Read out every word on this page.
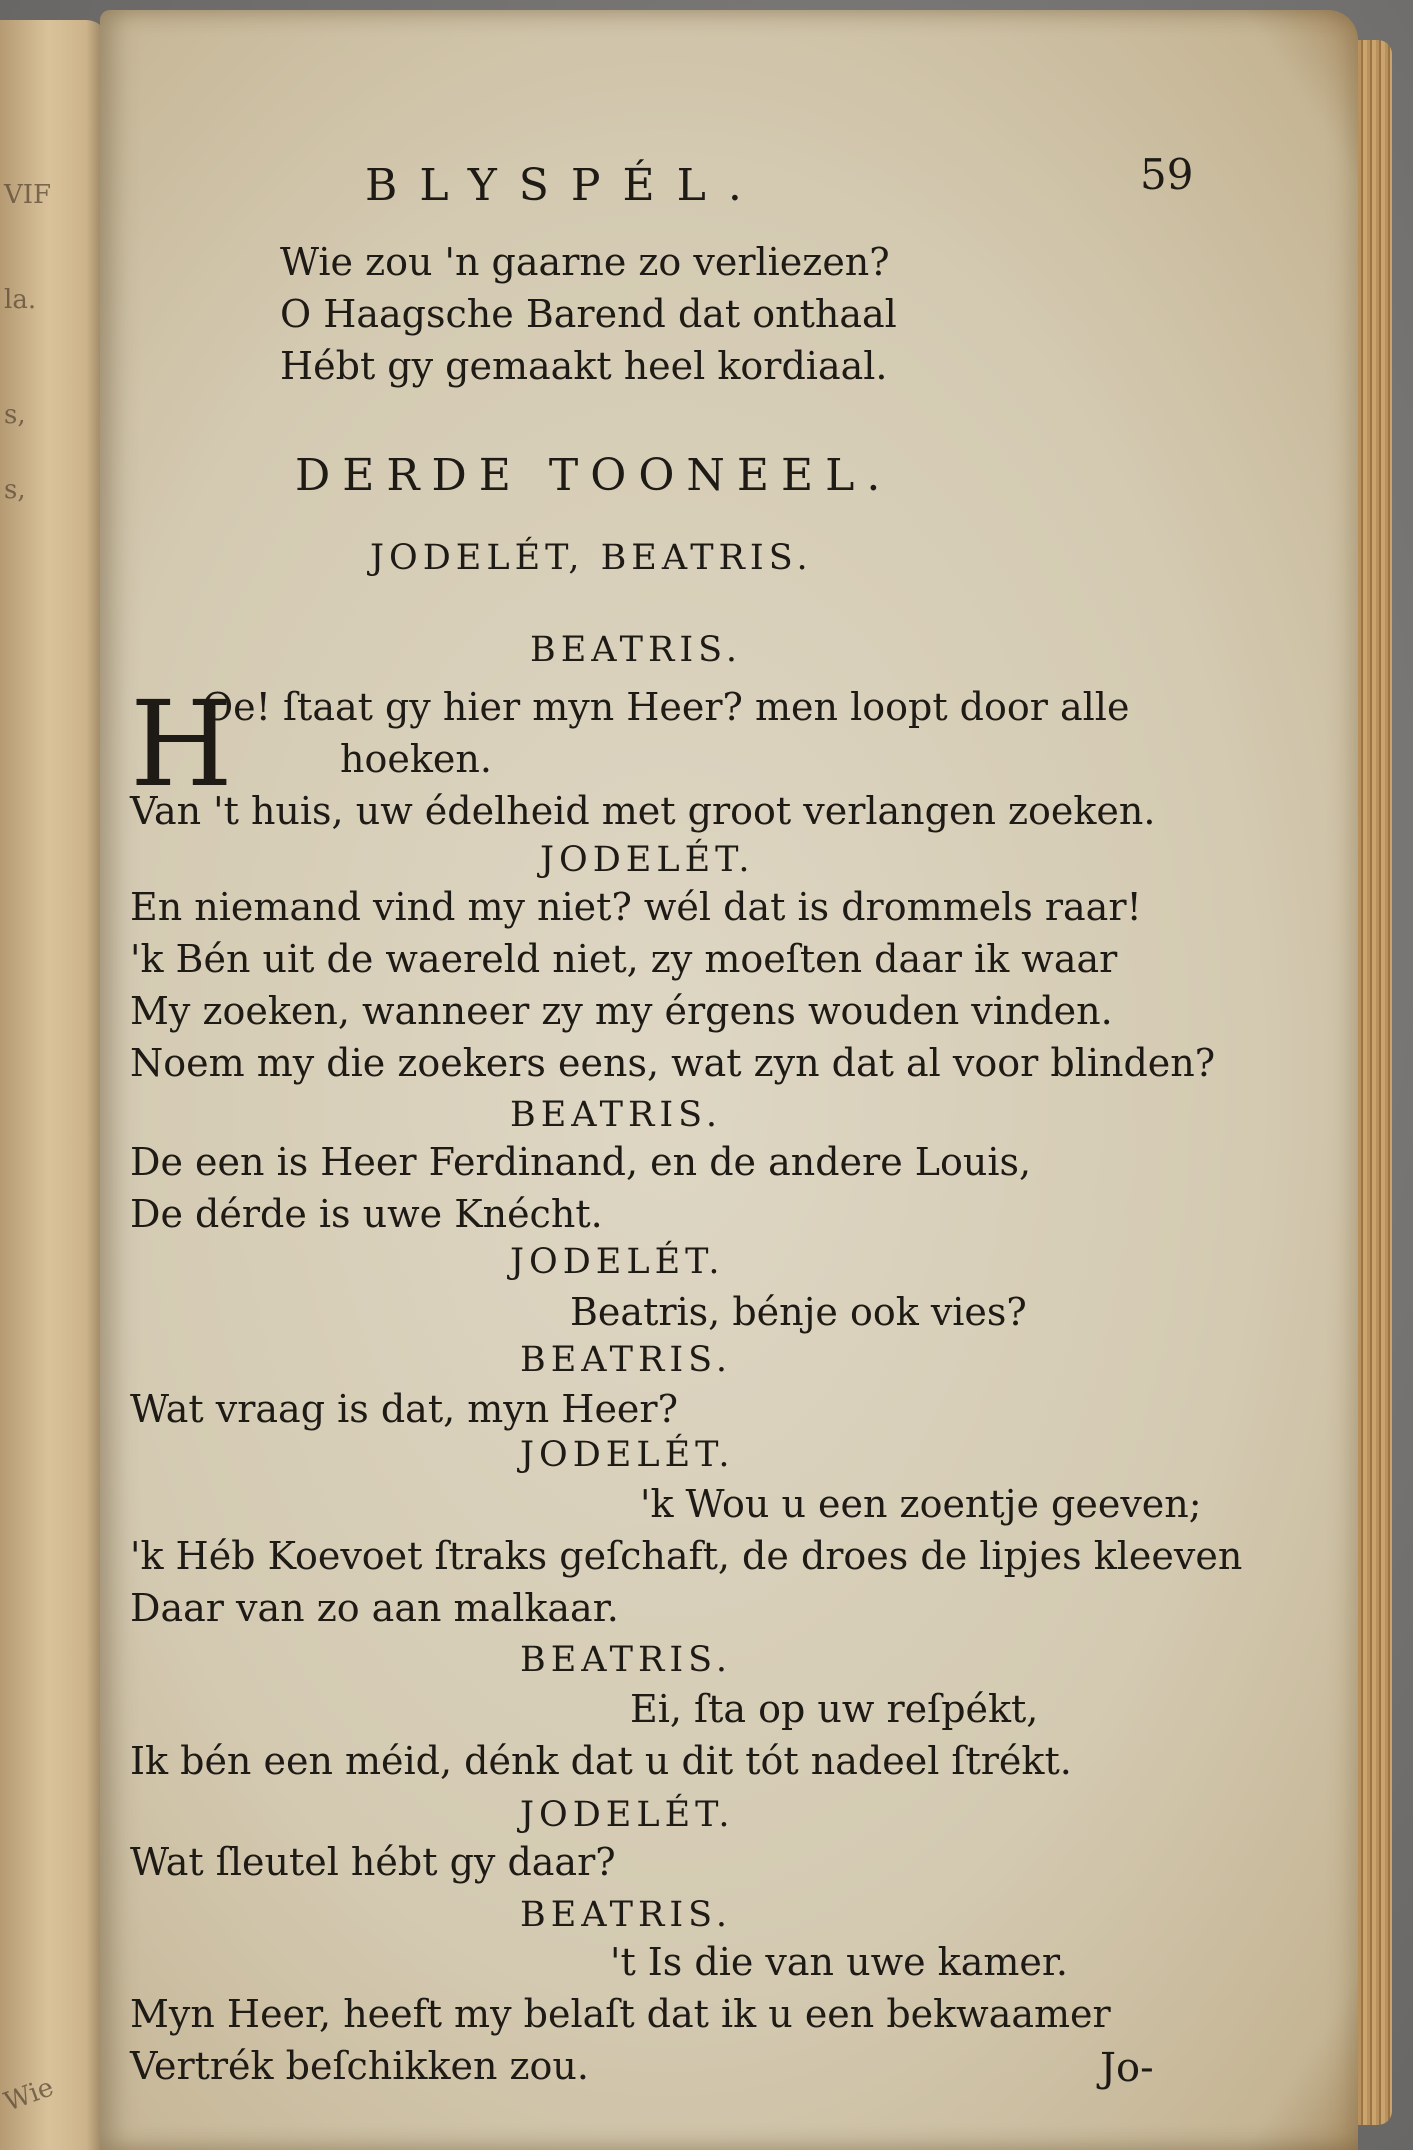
VIF
la.
s,
s,
Wie
BLYSPÉL.	59
Wie zou 'n gaarne zo verliezen?
O Haagsche Barend dat onthaal
Hébt gy gemaakt heel kordiaal.
DERDE TOONEEL.
JODELÉT, BEATRIS.
BEATRIS.
H
Oe! ſtaat gy hier myn Heer? men loopt door alle
hoeken.
Van 't huis, uw édelheid met groot verlangen zoeken.
JODELÉT.
En niemand vind my niet? wél dat is drommels raar!
'k Bén uit de waereld niet, zy moeſten daar ik waar
My zoeken, wanneer zy my érgens wouden vinden.
Noem my die zoekers eens, wat zyn dat al voor blinden?
BEATRIS.
De een is Heer Ferdinand, en de andere Louis,
De dérde is uwe Knécht.
JODELÉT.
Beatris, bénje ook vies?
BEATRIS.
Wat vraag is dat, myn Heer?
JODELÉT.
'k Wou u een zoentje geeven;
'k Héb Koevoet ſtraks geſchaft, de droes de lipjes kleeven
Daar van zo aan malkaar.
BEATRIS.
Ei, ſta op uw reſpékt,
Ik bén een méid, dénk dat u dit tót nadeel ſtrékt.
JODELÉT.
Wat ſleutel hébt gy daar?
BEATRIS.
't Is die van uwe kamer.
Myn Heer, heeft my belaſt dat ik u een bekwaamer
Vertrék beſchikken zou.	Jo-
